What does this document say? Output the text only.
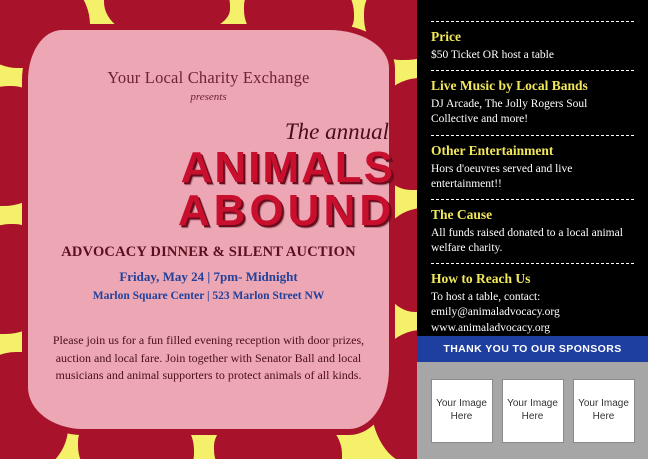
Your Local Charity Exchange
presents
The annual
ANIMALS
ABOUND
ADVOCACY DINNER & SILENT AUCTION
Friday, May 24 | 7pm- Midnight
Marlon Square Center | 523 Marlon Street NW
Please join us for a fun filled evening reception with door prizes, auction and local fare. Join together with Senator Ball and local musicians and animal supporters to protect animals of all kinds.

Price

$50 Ticket OR host a table

Live Music by Local Bands

DJ Arcade, The Jolly Rogers Soul Collective and more!

Other Entertainment

Hors d'oeuvres served and live entertainment!!

The Cause

All funds raised donated to a local animal welfare charity.

How to Reach Us

To host a table, contact: emily@animaladvocacy.org www.animaladvocacy.org

THANK YOU TO OUR SPONSORS
Your Image Here
Your Image Here
Your Image Here
